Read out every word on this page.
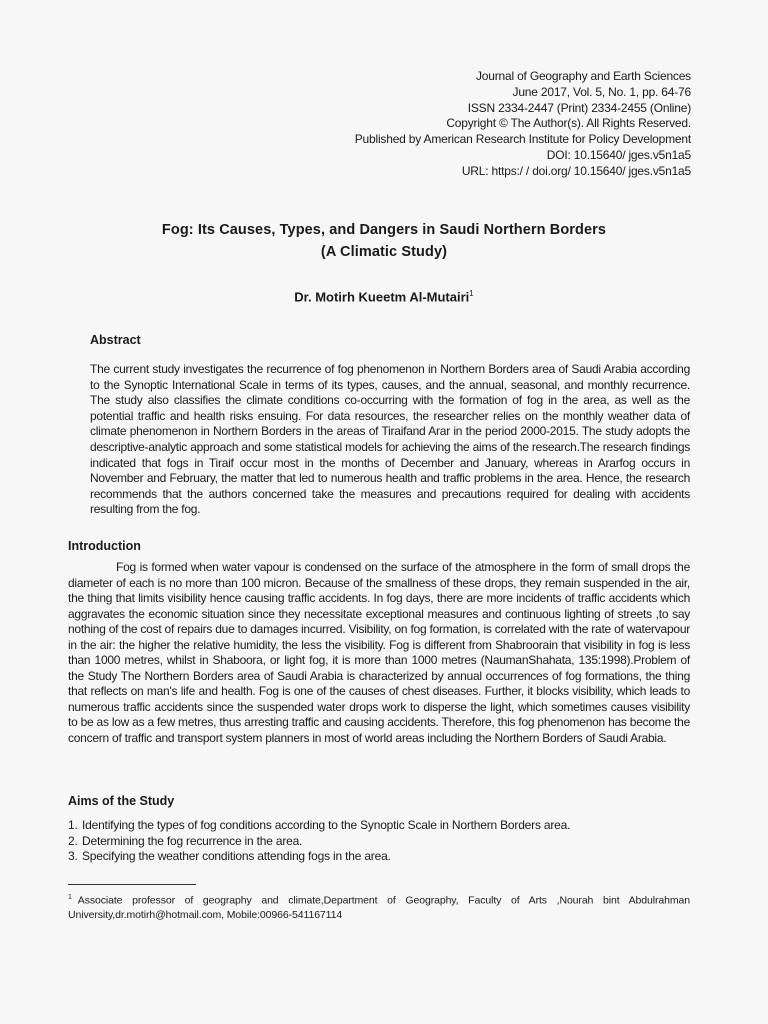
Journal of Geography and Earth Sciences
June 2017, Vol. 5, No. 1, pp. 64-76
ISSN 2334-2447 (Print) 2334-2455 (Online)
Copyright © The Author(s). All Rights Reserved.
Published by American Research Institute for Policy Development
DOI: 10.15640/ jges.v5n1a5
URL: https:/ / doi.org/ 10.15640/ jges.v5n1a5
Fog: Its Causes, Types, and Dangers in Saudi Northern Borders
(A Climatic Study)
Dr. Motirh Kueetm Al-Mutairi$^1$
Abstract

The current study investigates the recurrence of fog phenomenon in Northern Borders area of Saudi Arabia according to the Synoptic International Scale in terms of its types, causes, and the annual, seasonal, and monthly recurrence. The study also classifies the climate conditions co-occurring with the formation of fog in the area, as well as the potential traffic and health risks ensuing. For data resources, the researcher relies on the monthly weather data of climate phenomenon in Northern Borders in the areas of Tiraifand Arar in the period 2000-2015. The study adopts the descriptive-analytic approach and some statistical models for achieving the aims of the research.The research findings indicated that fogs in Tiraif occur most in the months of December and January, whereas in Ararfog occurs in November and February, the matter that led to numerous health and traffic problems in the area. Hence, the research recommends that the authors concerned take the measures and precautions required for dealing with accidents resulting from the fog.

Introduction

Fog is formed when water vapour is condensed on the surface of the atmosphere in the form of small drops the diameter of each is no more than 100 micron. Because of the smallness of these drops, they remain suspended in the air, the thing that limits visibility hence causing traffic accidents. In fog days, there are more incidents of traffic accidents which aggravates the economic situation since they necessitate exceptional measures and continuous lighting of streets ,to say nothing of the cost of repairs due to damages incurred. Visibility, on fog formation, is correlated with the rate of watervapour in the air: the higher the relative humidity, the less the visibility. Fog is different from Shabroorain that visibility in fog is less than 1000 metres, whilst in Shaboora, or light fog, it is more than 1000 metres (NaumanShahata, 135:1998).Problem of the Study The Northern Borders area of Saudi Arabia is characterized by annual occurrences of fog formations, the thing that reflects on man's life and health. Fog is one of the causes of chest diseases. Further, it blocks visibility, which leads to numerous traffic accidents since the suspended water drops work to disperse the light, which sometimes causes visibility to be as low as a few metres, thus arresting traffic and causing accidents. Therefore, this fog phenomenon has become the concern of traffic and transport system planners in most of world areas including the Northern Borders of Saudi Arabia.

Aims of the Study
1. Identifying the types of fog conditions according to the Synoptic Scale in Northern Borders area.
2. Determining the fog recurrence in the area.
3. Specifying the weather conditions attending fogs in the area.

$^1$ Associate professor of geography and climate,Department of Geography, Faculty of Arts ,Nourah bint Abdulrahman University,dr.motirh@hotmail.com, Mobile:00966-541167114
